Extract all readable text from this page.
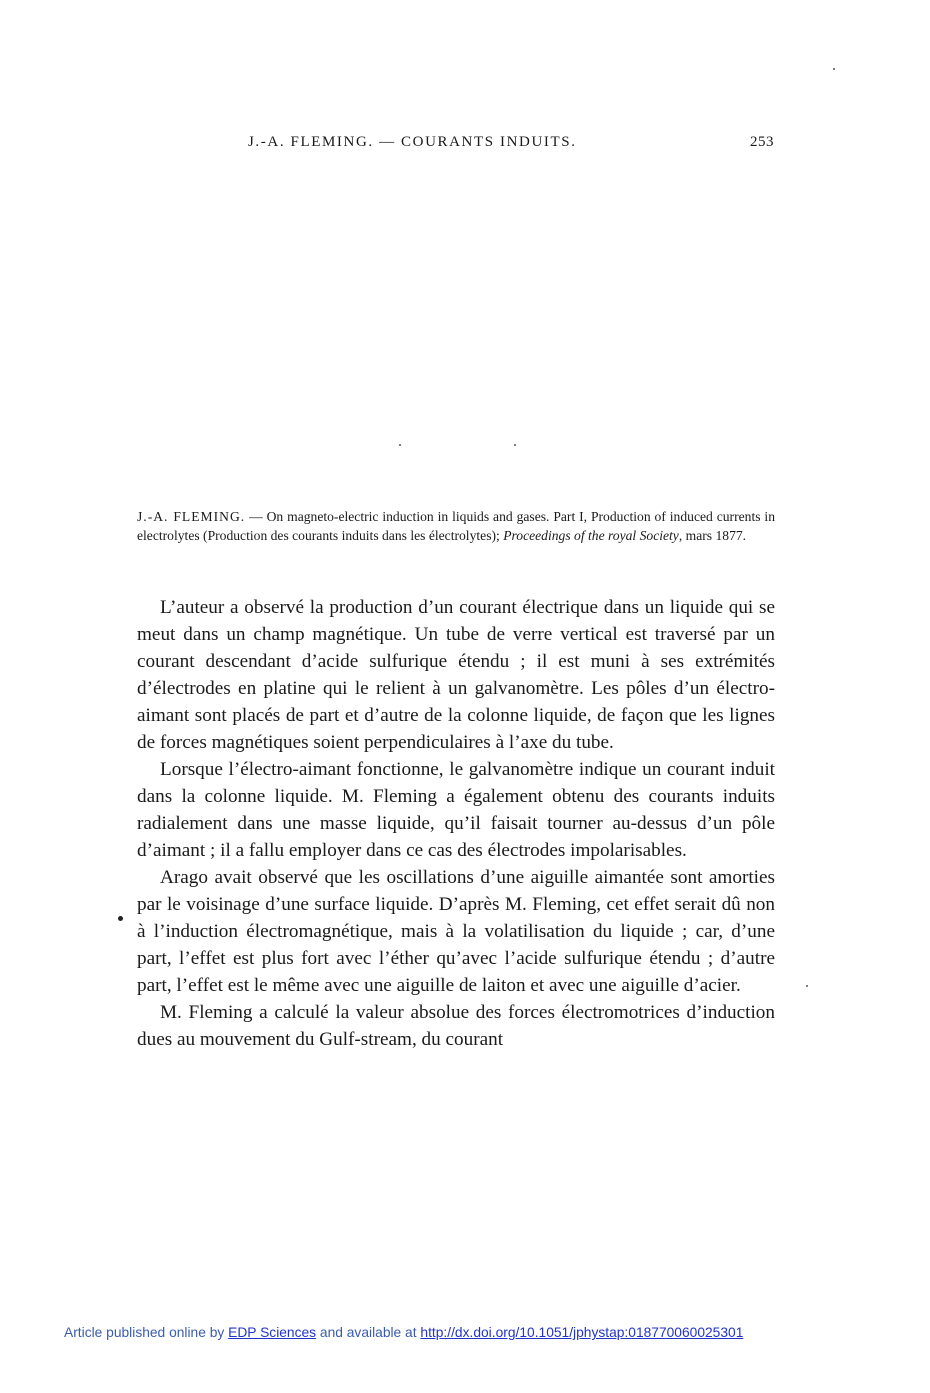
J.-A. FLEMING. — COURANTS INDUITS.	253
J.-A. FLEMING. — On magneto-electric induction in liquids and gases. Part I, Production of induced currents in electrolytes (Production des courants induits dans les électrolytes); Proceedings of the royal Society, mars 1877.

L’auteur a observé la production d’un courant électrique dans un liquide qui se meut dans un champ magnétique. Un tube de verre vertical est traversé par un courant descendant d’acide sulfurique étendu ; il est muni à ses extrémités d’électrodes en platine qui le relient à un galvanomètre. Les pôles d’un électro-aimant sont placés de part et d’autre de la colonne liquide, de façon que les lignes de forces magnétiques soient perpendiculaires à l’axe du tube.

Lorsque l’électro-aimant fonctionne, le galvanomètre indique un courant induit dans la colonne liquide. M. Fleming a également obtenu des courants induits radialement dans une masse liquide, qu’il faisait tourner au-dessus d’un pôle d’aimant ; il a fallu employer dans ce cas des électrodes impolarisables.

Arago avait observé que les oscillations d’une aiguille aimantée sont amorties par le voisinage d’une surface liquide. D’après M. Fleming, cet effet serait dû non à l’induction électromagnétique, mais à la volatilisation du liquide ; car, d’une part, l’effet est plus fort avec l’éther qu’avec l’acide sulfurique étendu ; d’autre part, l’effet est le même avec une aiguille de laiton et avec une aiguille d’acier.

M. Fleming a calculé la valeur absolue des forces électromotrices d’induction dues au mouvement du Gulf-stream, du courant

Article published online by EDP Sciences and available at http://dx.doi.org/10.1051/jphystap:018770060025301
